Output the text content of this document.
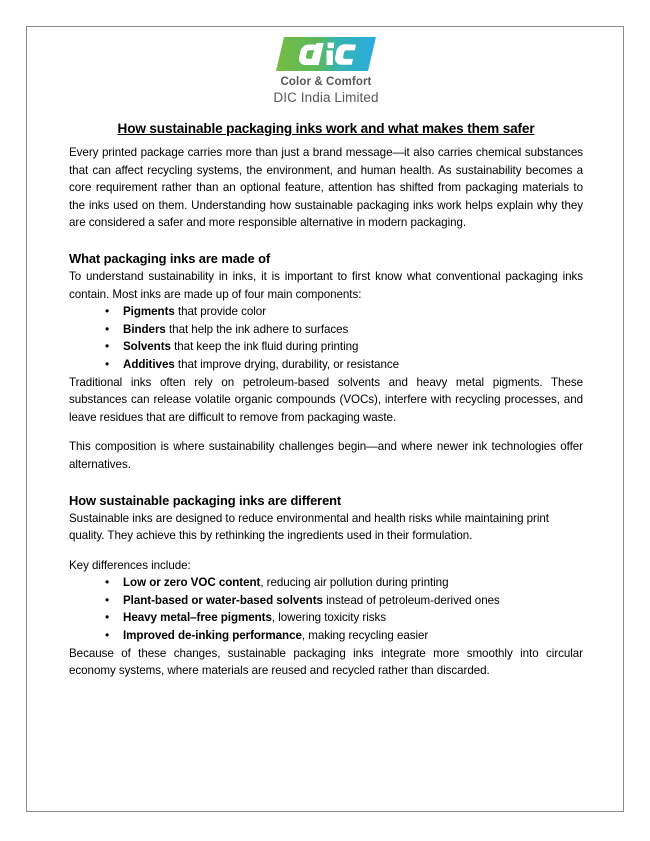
Color & Comfort
DIC India Limited
How sustainable packaging inks work and what makes them safer

Every printed package carries more than just a brand message—it also carries chemical substances that can affect recycling systems, the environment, and human health. As sustainability becomes a core requirement rather than an optional feature, attention has shifted from packaging materials to the inks used on them. Understanding how sustainable packaging inks work helps explain why they are considered a safer and more responsible alternative in modern packaging.

What packaging inks are made of

To understand sustainability in inks, it is important to first know what conventional packaging inks contain. Most inks are made up of four main components:

• Pigments that provide color
• Binders that help the ink adhere to surfaces
• Solvents that keep the ink fluid during printing
• Additives that improve drying, durability, or resistance

Traditional inks often rely on petroleum-based solvents and heavy metal pigments. These substances can release volatile organic compounds (VOCs), interfere with recycling processes, and leave residues that are difficult to remove from packaging waste.

This composition is where sustainability challenges begin—and where newer ink technologies offer alternatives.

How sustainable packaging inks are different

Sustainable inks are designed to reduce environmental and health risks while maintaining print quality. They achieve this by rethinking the ingredients used in their formulation.

Key differences include:

• Low or zero VOC content, reducing air pollution during printing
• Plant-based or water-based solvents instead of petroleum-derived ones
• Heavy metal–free pigments, lowering toxicity risks
• Improved de-inking performance, making recycling easier

Because of these changes, sustainable packaging inks integrate more smoothly into circular economy systems, where materials are reused and recycled rather than discarded.
